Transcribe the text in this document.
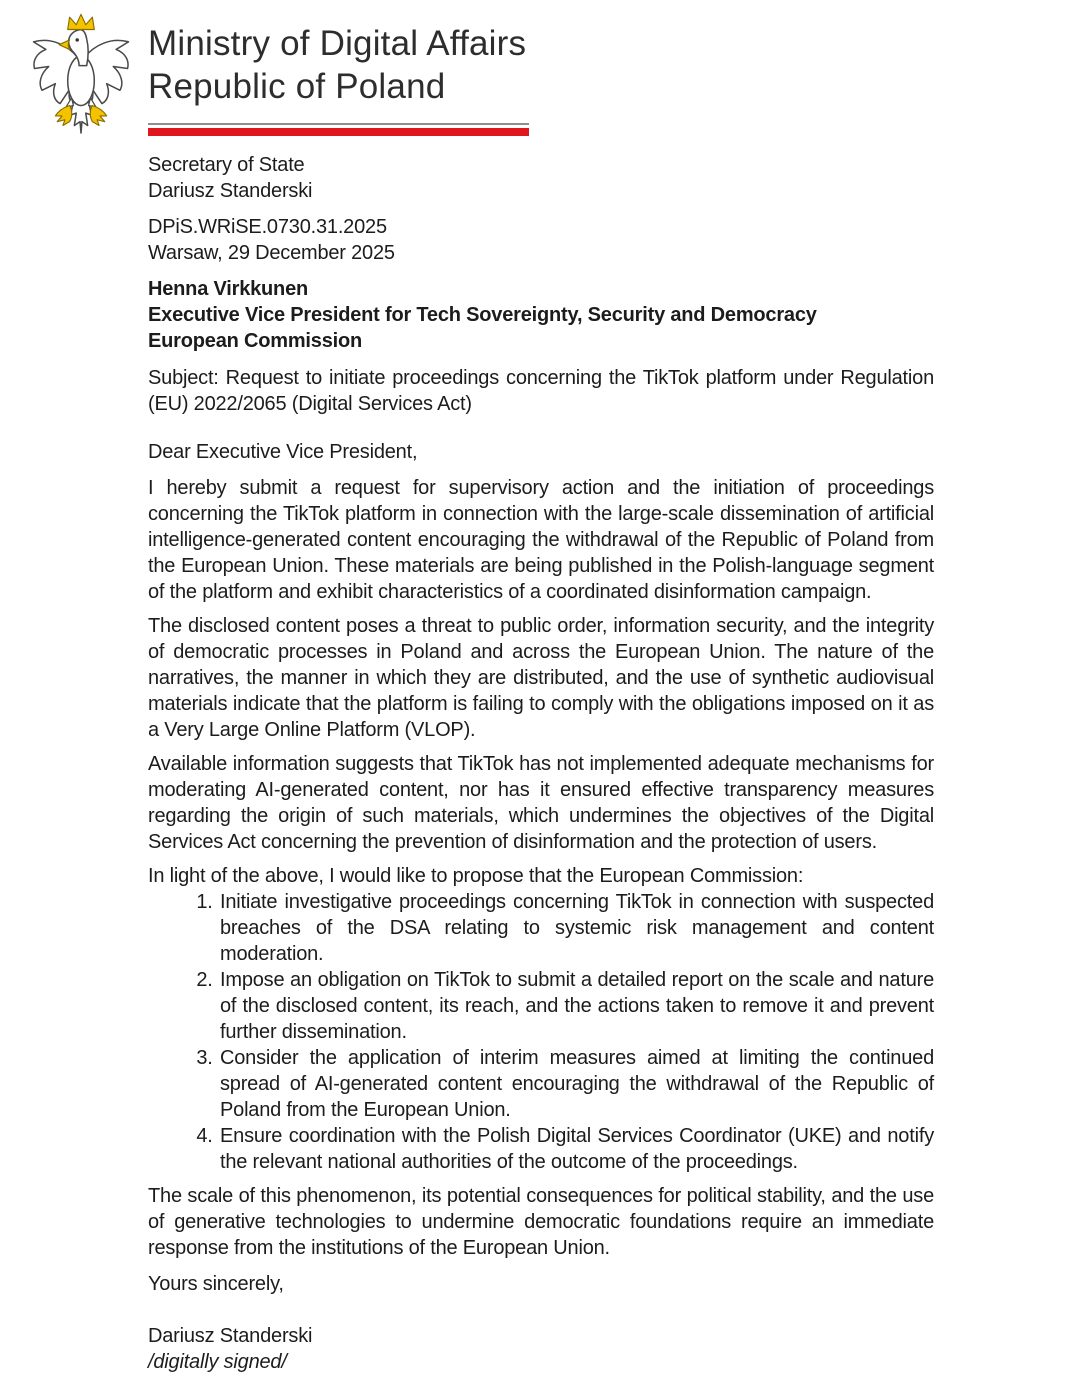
Ministry of Digital Affairs
Republic of Poland
Secretary of State
Dariusz Standerski
DPiS.WRiSE.0730.31.2025
Warsaw, 29 December 2025
Henna Virkkunen
Executive Vice President for Tech Sovereignty, Security and Democracy
European Commission
Subject: Request to initiate proceedings concerning the TikTok platform under Regulation (EU) 2022/2065 (Digital Services Act)
Dear Executive Vice President,

I hereby submit a request for supervisory action and the initiation of proceedings concerning the TikTok platform in connection with the large-scale dissemination of artificial intelligence-generated content encouraging the withdrawal of the Republic of Poland from the European Union. These materials are being published in the Polish-language segment of the platform and exhibit characteristics of a coordinated disinformation campaign.

The disclosed content poses a threat to public order, information security, and the integrity of democratic processes in Poland and across the European Union. The nature of the narratives, the manner in which they are distributed, and the use of synthetic audiovisual materials indicate that the platform is failing to comply with the obligations imposed on it as a Very Large Online Platform (VLOP).

Available information suggests that TikTok has not implemented adequate mechanisms for moderating AI-generated content, nor has it ensured effective transparency measures regarding the origin of such materials, which undermines the objectives of the Digital Services Act concerning the prevention of disinformation and the protection of users.

In light of the above, I would like to propose that the European Commission:
1. Initiate investigative proceedings concerning TikTok in connection with suspected breaches of the DSA relating to systemic risk management and content moderation.
2. Impose an obligation on TikTok to submit a detailed report on the scale and nature of the disclosed content, its reach, and the actions taken to remove it and prevent further dissemination.
3. Consider the application of interim measures aimed at limiting the continued spread of AI-generated content encouraging the withdrawal of the Republic of Poland from the European Union.
4. Ensure coordination with the Polish Digital Services Coordinator (UKE) and notify the relevant national authorities of the outcome of the proceedings.

The scale of this phenomenon, its potential consequences for political stability, and the use of generative technologies to undermine democratic foundations require an immediate response from the institutions of the European Union.

Yours sincerely,
Dariusz Standerski
/digitally signed/
